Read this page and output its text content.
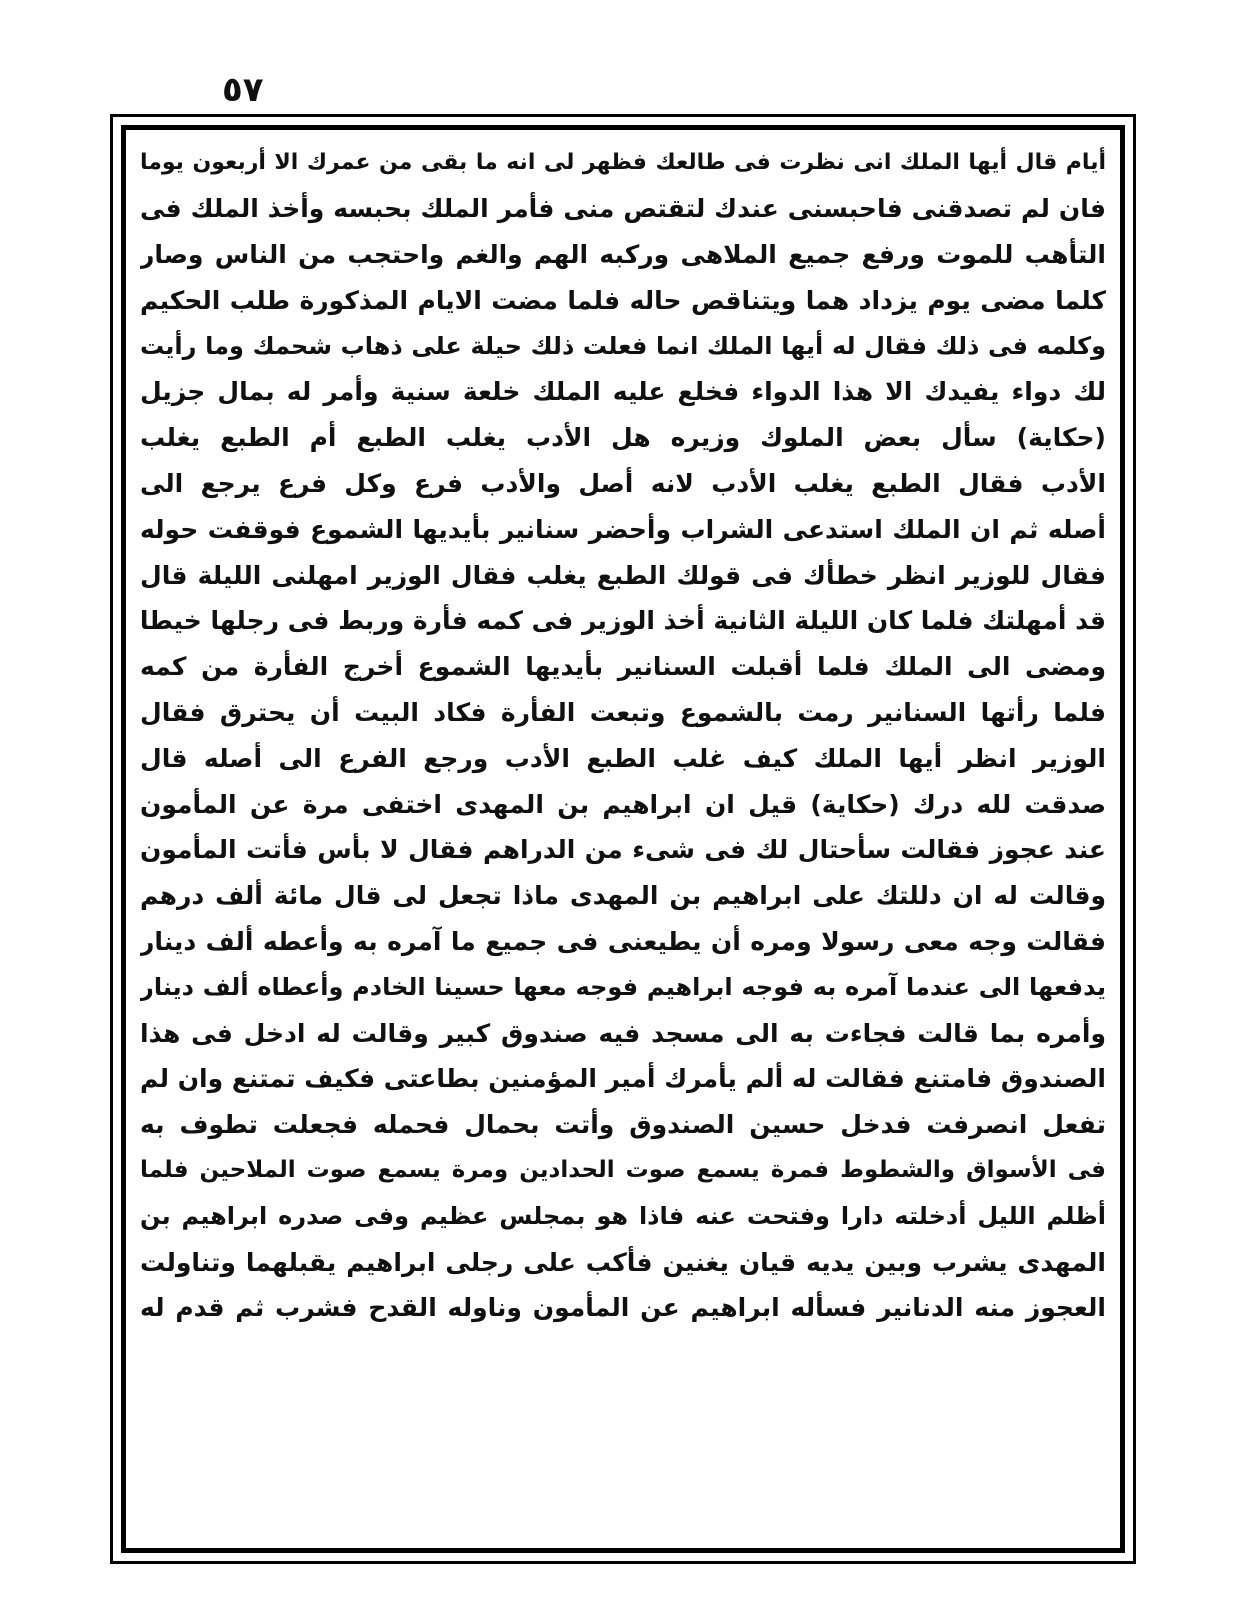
٥٧
أيام قال أيها الملك انى نظرت فى طالعك فظهر لى انه ما بقى من عمرك الا أربعون يوما
فان لم تصدقنى فاحبسنى عندك لتقتص منى فأمر الملك بحبسه وأخذ الملك فى
التأهب للموت ورفع جميع الملاهى وركبه الهم والغم واحتجب من الناس وصار
كلما مضى يوم يزداد هما ويتناقص حاله فلما مضت الايام المذكورة طلب الحكيم
وكلمه فى ذلك فقال له أيها الملك انما فعلت ذلك حيلة على ذهاب شحمك وما رأيت
لك دواء يفيدك الا هذا الدواء فخلع عليه الملك خلعة سنية وأمر له بمال جزيل
(حكاية) سأل بعض الملوك وزيره هل الأدب يغلب الطبع أم الطبع يغلب
الأدب فقال الطبع يغلب الأدب لانه أصل والأدب فرع وكل فرع يرجع الى
أصله ثم ان الملك استدعى الشراب وأحضر سنانير بأيديها الشموع فوقفت حوله
فقال للوزير انظر خطأك فى قولك الطبع يغلب فقال الوزير امهلنى الليلة قال
قد أمهلتك فلما كان الليلة الثانية أخذ الوزير فى كمه فأرة وربط فى رجلها خيطا
ومضى الى الملك فلما أقبلت السنانير بأيديها الشموع أخرج الفأرة من كمه
فلما رأتها السنانير رمت بالشموع وتبعت الفأرة فكاد البيت أن يحترق فقال
الوزير انظر أيها الملك كيف غلب الطبع الأدب ورجع الفرع الى أصله قال
صدقت لله درك (حكاية) قيل ان ابراهيم بن المهدى اختفى مرة عن المأمون
عند عجوز فقالت سأحتال لك فى شىء من الدراهم فقال لا بأس فأتت المأمون
وقالت له ان دللتك على ابراهيم بن المهدى ماذا تجعل لى قال مائة ألف درهم
فقالت وجه معى رسولا ومره أن يطيعنى فى جميع ما آمره به وأعطه ألف دينار
يدفعها الى عندما آمره به فوجه ابراهيم فوجه معها حسينا الخادم وأعطاه ألف دينار
وأمره بما قالت فجاءت به الى مسجد فيه صندوق كبير وقالت له ادخل فى هذا
الصندوق فامتنع فقالت له ألم يأمرك أمير المؤمنين بطاعتى فكيف تمتنع وان لم
تفعل انصرفت فدخل حسين الصندوق وأتت بحمال فحمله فجعلت تطوف به
فى الأسواق والشطوط فمرة يسمع صوت الحدادين ومرة يسمع صوت الملاحين فلما
أظلم الليل أدخلته دارا وفتحت عنه فاذا هو بمجلس عظيم وفى صدره ابراهيم بن
المهدى يشرب وبين يديه قيان يغنين فأكب على رجلى ابراهيم يقبلهما وتناولت
العجوز منه الدنانير فسأله ابراهيم عن المأمون وناوله القدح فشرب ثم قدم له
